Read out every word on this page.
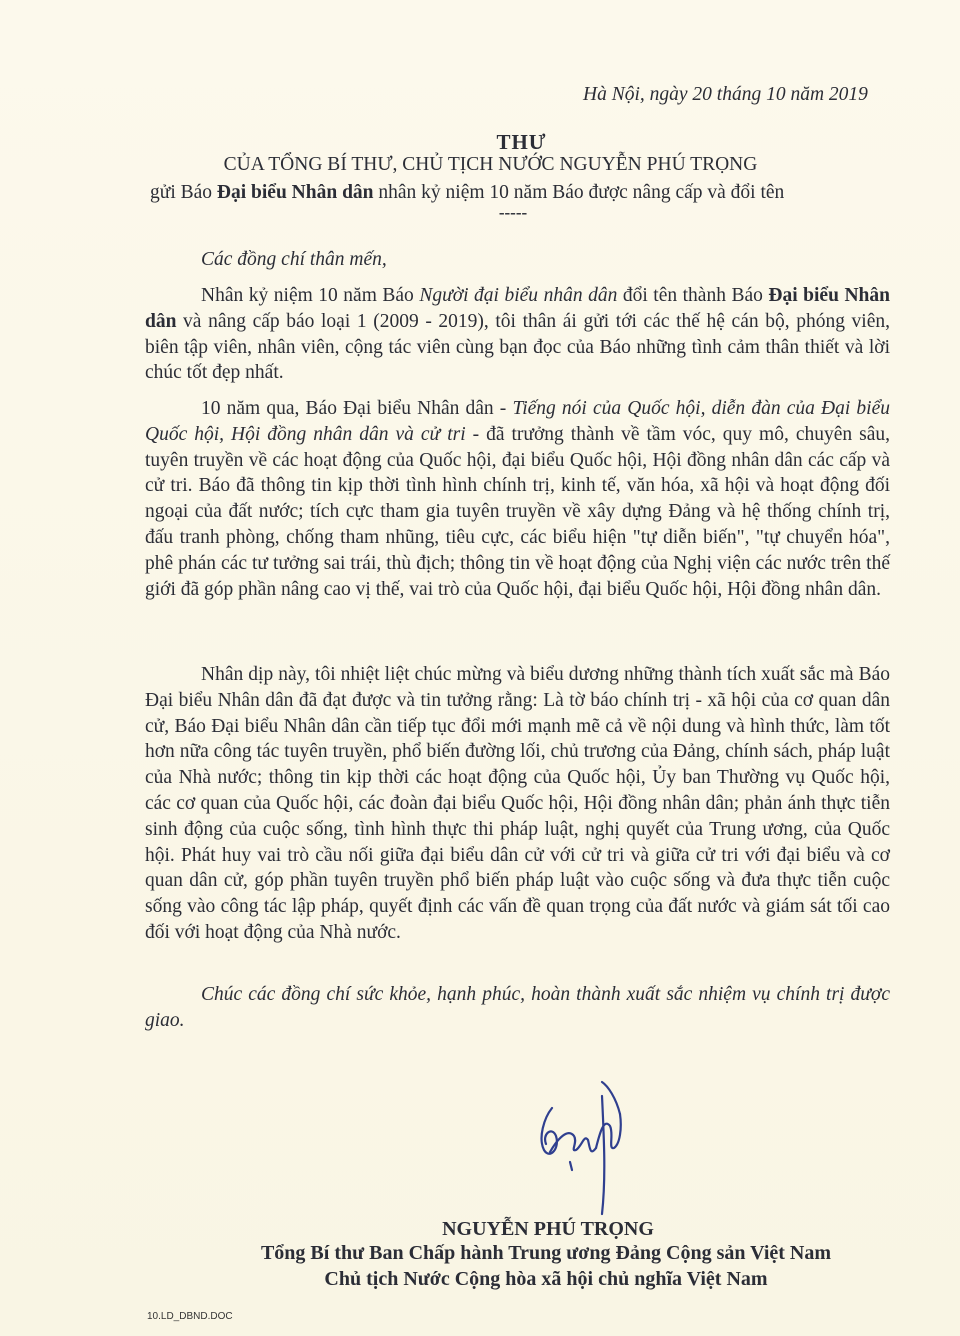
Hà Nội, ngày 20 tháng 10 năm 2019
THƯ
CỦA TỔNG BÍ THƯ, CHỦ TỊCH NƯỚC NGUYỄN PHÚ TRỌNG
gửi Báo Đại biểu Nhân dân nhân kỷ niệm 10 năm Báo được nâng cấp và đổi tên
-----
Các đồng chí thân mến,

Nhân kỷ niệm 10 năm Báo Người đại biểu nhân dân đổi tên thành Báo Đại biểu Nhân dân và nâng cấp báo loại 1 (2009 - 2019), tôi thân ái gửi tới các thế hệ cán bộ, phóng viên, biên tập viên, nhân viên, cộng tác viên cùng bạn đọc của Báo những tình cảm thân thiết và lời chúc tốt đẹp nhất.

10 năm qua, Báo Đại biểu Nhân dân - Tiếng nói của Quốc hội, diễn đàn của Đại biểu Quốc hội, Hội đồng nhân dân và cử tri - đã trưởng thành về tầm vóc, quy mô, chuyên sâu, tuyên truyền về các hoạt động của Quốc hội, đại biểu Quốc hội, Hội đồng nhân dân các cấp và cử tri. Báo đã thông tin kịp thời tình hình chính trị, kinh tế, văn hóa, xã hội và hoạt động đối ngoại của đất nước; tích cực tham gia tuyên truyền về xây dựng Đảng và hệ thống chính trị, đấu tranh phòng, chống tham nhũng, tiêu cực, các biểu hiện "tự diễn biến", "tự chuyển hóa", phê phán các tư tưởng sai trái, thù địch; thông tin về hoạt động của Nghị viện các nước trên thế giới đã góp phần nâng cao vị thế, vai trò của Quốc hội, đại biểu Quốc hội, Hội đồng nhân dân.

Nhân dịp này, tôi nhiệt liệt chúc mừng và biểu dương những thành tích xuất sắc mà Báo Đại biểu Nhân dân đã đạt được và tin tưởng rằng: Là tờ báo chính trị - xã hội của cơ quan dân cử, Báo Đại biểu Nhân dân cần tiếp tục đổi mới mạnh mẽ cả về nội dung và hình thức, làm tốt hơn nữa công tác tuyên truyền, phổ biến đường lối, chủ trương của Đảng, chính sách, pháp luật của Nhà nước; thông tin kịp thời các hoạt động của Quốc hội, Ủy ban Thường vụ Quốc hội, các cơ quan của Quốc hội, các đoàn đại biểu Quốc hội, Hội đồng nhân dân; phản ánh thực tiễn sinh động của cuộc sống, tình hình thực thi pháp luật, nghị quyết của Trung ương, của Quốc hội. Phát huy vai trò cầu nối giữa đại biểu dân cử với cử tri và giữa cử tri với đại biểu và cơ quan dân cử, góp phần tuyên truyền phổ biến pháp luật vào cuộc sống và đưa thực tiễn cuộc sống vào công tác lập pháp, quyết định các vấn đề quan trọng của đất nước và giám sát tối cao đối với hoạt động của Nhà nước.

Chúc các đồng chí sức khỏe, hạnh phúc, hoàn thành xuất sắc nhiệm vụ chính trị được giao.

NGUYỄN PHÚ TRỌNG
Tổng Bí thư Ban Chấp hành Trung ương Đảng Cộng sản Việt Nam
Chủ tịch Nước Cộng hòa xã hội chủ nghĩa Việt Nam
10.LD_DBND.DOC
